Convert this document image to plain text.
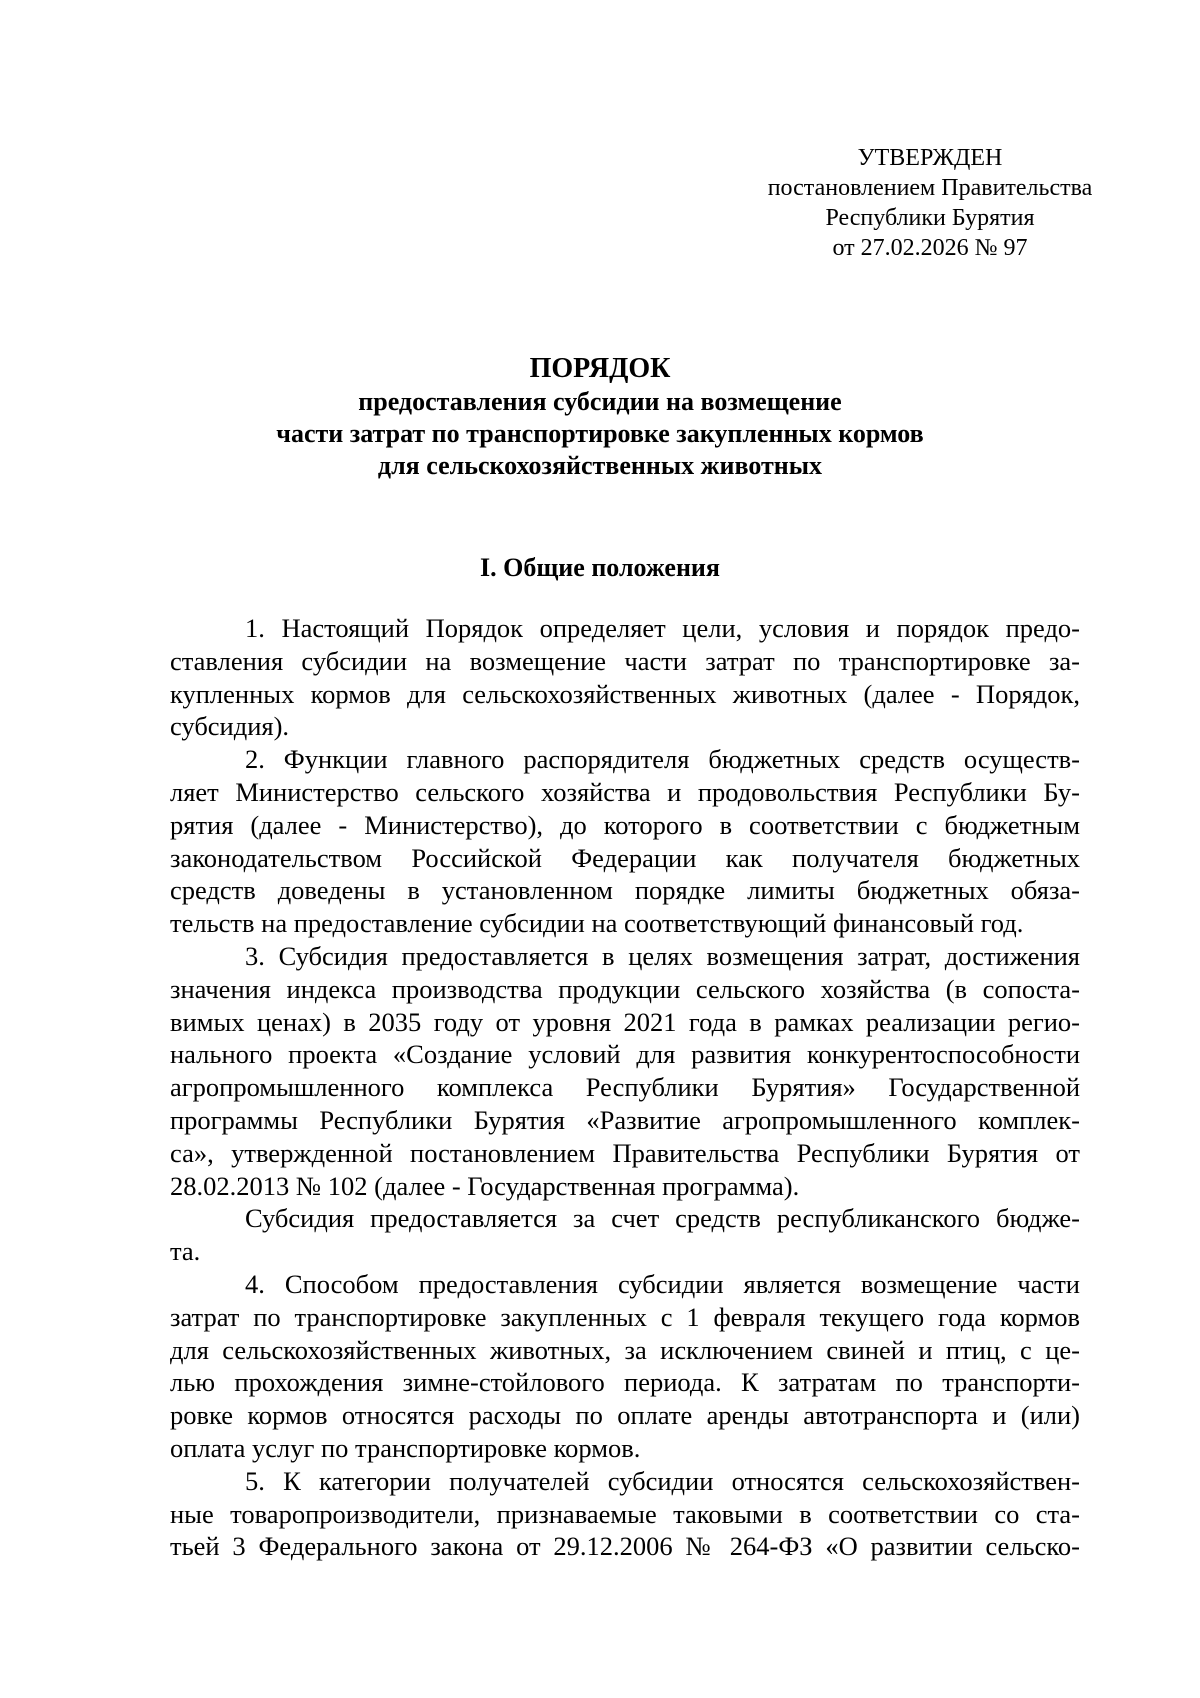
УТВЕРЖДЕН
постановлением Правительства
Республики Бурятия
от 27.02.2026 № 97
ПОРЯДОК
предоставления субсидии на возмещение
части затрат по транспортировке закупленных кормов
для сельскохозяйственных животных
I. Общие положения
1. Настоящий Порядок определяет цели, условия и порядок предо-
ставления субсидии на возмещение части затрат по транспортировке за-
купленных кормов для сельскохозяйственных животных (далее - Порядок,
субсидия).
2. Функции главного распорядителя бюджетных средств осуществ-
ляет Министерство сельского хозяйства и продовольствия Республики Бу-
рятия (далее - Министерство), до которого в соответствии с бюджетным
законодательством Российской Федерации как получателя бюджетных
средств доведены в установленном порядке лимиты бюджетных обяза-
тельств на предоставление субсидии на соответствующий финансовый год.
3. Субсидия предоставляется в целях возмещения затрат, достижения
значения индекса производства продукции сельского хозяйства (в сопоста-
вимых ценах) в 2035 году от уровня 2021 года в рамках реализации регио-
нального проекта «Создание условий для развития конкурентоспособности
агропромышленного комплекса Республики Бурятия» Государственной
программы Республики Бурятия «Развитие агропромышленного комплек-
са», утвержденной постановлением Правительства Республики Бурятия от
28.02.2013 № 102 (далее - Государственная программа).
Субсидия предоставляется за счет средств республиканского бюдже-
та.
4. Способом предоставления субсидии является возмещение части
затрат по транспортировке закупленных с 1 февраля текущего года кормов
для сельскохозяйственных животных, за исключением свиней и птиц, с це-
лью прохождения зимне-стойлового периода. К затратам по транспорти-
ровке кормов относятся расходы по оплате аренды автотранспорта и (или)
оплата услуг по транспортировке кормов.
5. К категории получателей субсидии относятся сельскохозяйствен-
ные товаропроизводители, признаваемые таковыми в соответствии со ста-
тьей 3 Федерального закона от 29.12.2006 № 264-ФЗ «О развитии сельско-
